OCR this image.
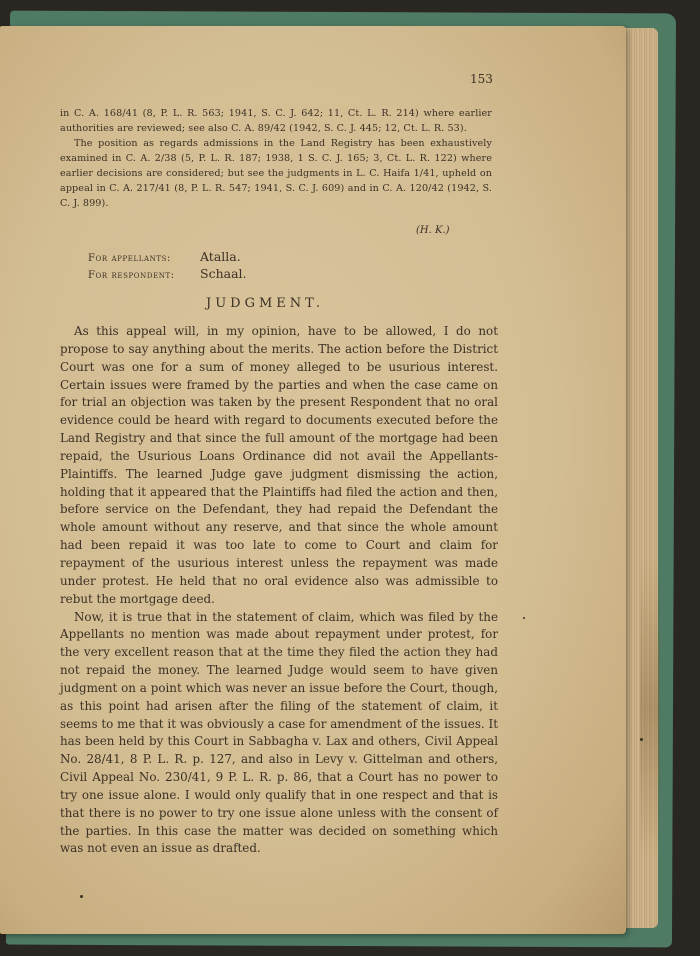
153

in C. A. 168/41 (8, P. L. R. 563; 1941, S. C. J. 642; 11, Ct. L. R. 214) where earlier authorities are reviewed; see also C. A. 89/42 (1942, S. C. J. 445; 12, Ct. L. R. 53).

The position as regards admissions in the Land Registry has been exhaustively examined in C. A. 2/38 (5, P. L. R. 187; 1938, 1 S. C. J. 165; 3, Ct. L. R. 122) where earlier decisions are considered; but see the judgments in L. C. Haifa 1/41, upheld on appeal in C. A. 217/41 (8, P. L. R. 547; 1941, S. C. J. 609) and in C. A. 120/42 (1942, S. C. J. 899).

(H. K.)
For appellants: Atalla.
For respondent: Schaal.
JUDGMENT.

As this appeal will, in my opinion, have to be allowed, I do not propose to say anything about the merits. The action before the District Court was one for a sum of money alleged to be usurious interest. Certain issues were framed by the parties and when the case came on for trial an objection was taken by the present Respondent that no oral evidence could be heard with regard to documents executed before the Land Registry and that since the full amount of the mortgage had been repaid, the Usurious Loans Ordinance did not avail the Appellants-Plaintiffs. The learned Judge gave judgment dismissing the action, holding that it appeared that the Plaintiffs had filed the action and then, before service on the Defendant, they had repaid the Defendant the whole amount without any reserve, and that since the whole amount had been repaid it was too late to come to Court and claim for repayment of the usurious interest unless the repayment was made under protest. He held that no oral evidence also was admissible to rebut the mortgage deed.

Now, it is true that in the statement of claim, which was filed by the Appellants no mention was made about repayment under protest, for the very excellent reason that at the time they filed the action they had not repaid the money. The learned Judge would seem to have given judgment on a point which was never an issue before the Court, though, as this point had arisen after the filing of the statement of claim, it seems to me that it was obviously a case for amendment of the issues. It has been held by this Court in Sabbagha v. Lax and others, Civil Appeal No. 28/41, 8 P. L. R. p. 127, and also in Levy v. Gittelman and others, Civil Appeal No. 230/41, 9 P. L. R. p. 86, that a Court has no power to try one issue alone. I would only qualify that in one respect and that is that there is no power to try one issue alone unless with the consent of the parties. In this case the matter was decided on something which was not even an issue as drafted.
